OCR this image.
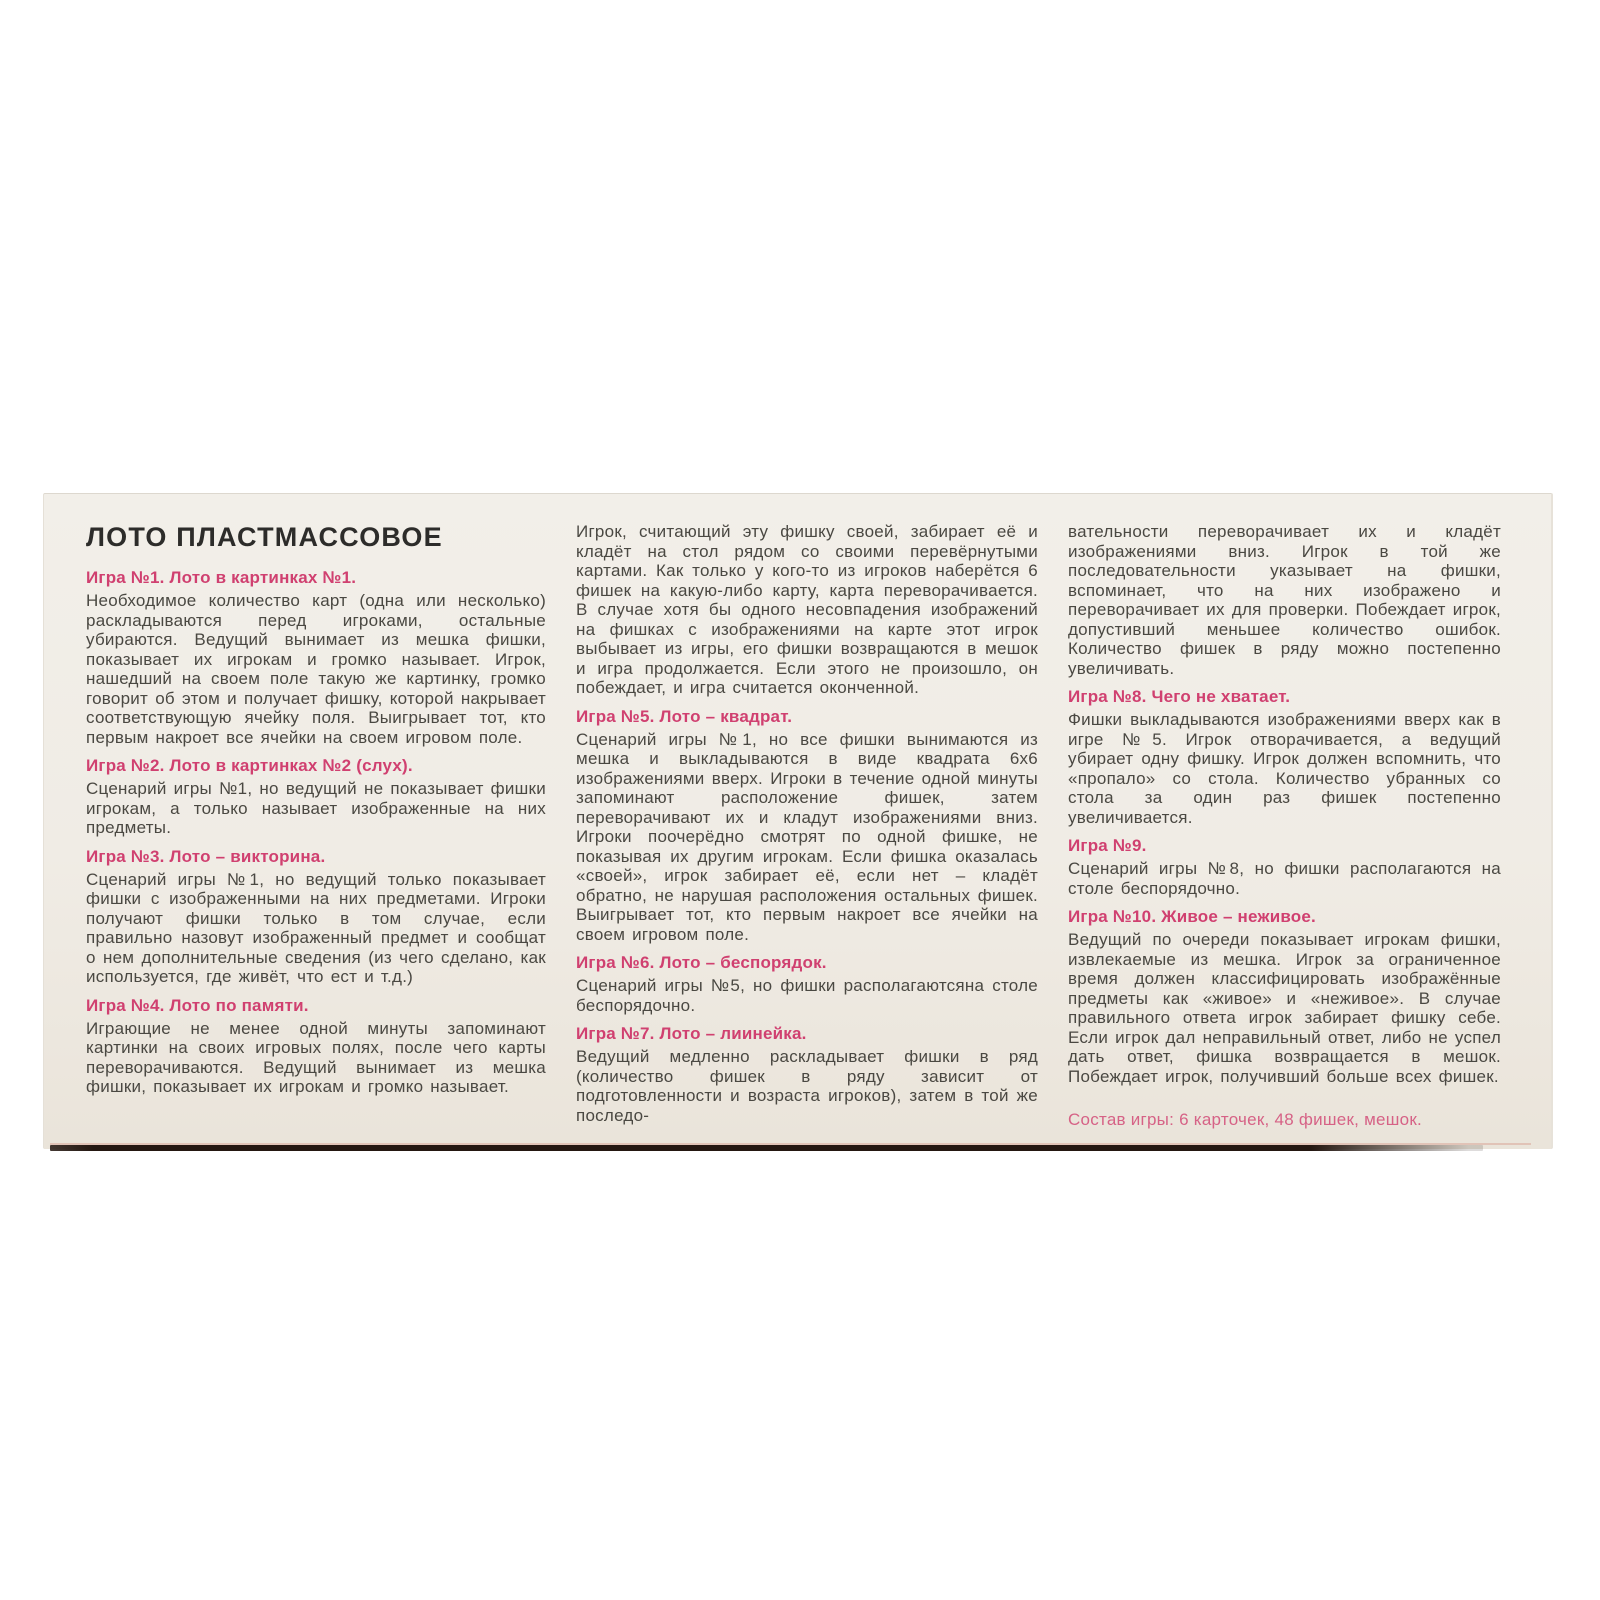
ЛОТО ПЛАСТМАССОВОЕ
Игра №1. Лото в картинках №1.

Необходимое количество карт (одна или несколько) раскладываются перед игроками, остальные убираются. Ведущий вынимает из мешка фишки, показывает их игрокам и громко называет. Игрок, нашедший на своем поле такую же картинку, громко говорит об этом и получает фишку, которой накрывает соответствующую ячейку поля. Выигрывает тот, кто первым накроет все ячейки на своем игровом поле.

Игра №2. Лото в картинках №2 (слух).

Сценарий игры №1, но ведущий не показывает фишки игрокам, а только называет изображенные на них предметы.

Игра №3. Лото – викторина.

Сценарий игры №1, но ведущий только показывает фишки с изображенными на них предметами. Игроки получают фишки только в том случае, если правильно назовут изображенный предмет и сообщат о нем дополнительные сведения (из чего сделано, как используется, где живёт, что ест и т.д.)

Игра №4. Лото по памяти.

Играющие не менее одной минуты запоминают картинки на своих игровых полях, после чего карты переворачиваются. Ведущий вынимает из мешка фишки, показывает их игрокам и громко называет.

Игрок, считающий эту фишку своей, забирает её и кладёт на стол рядом со своими перевёрнутыми картами. Как только у кого-то из игроков наберётся 6 фишек на какую-либо карту, карта переворачивается. В случае хотя бы одного несовпадения изображений на фишках с изображениями на карте этот игрок выбывает из игры, его фишки возвращаются в мешок и игра продолжается. Если этого не произошло, он побеждает, и игра считается оконченной.

Игра №5. Лото – квадрат.

Сценарий игры №1, но все фишки вынимаются из мешка и выкладываются в виде квадрата 6х6 изображениями вверх. Игроки в течение одной минуты запоминают расположение фишек, затем переворачивают их и кладут изображениями вниз. Игроки поочерёдно смотрят по одной фишке, не показывая их другим игрокам. Если фишка оказалась «своей», игрок забирает её, если нет – кладёт обратно, не нарушая расположения остальных фишек. Выигрывает тот, кто первым накроет все ячейки на своем игровом поле.

Игра №6. Лото – беспорядок.

Сценарий игры №5, но фишки располагаютсяна столе беспорядочно.

Игра №7. Лото – лиинейка.

Ведущий медленно раскладывает фишки в ряд (количество фишек в ряду зависит от подготовленности и возраста игроков), затем в той же последо-

вательности переворачивает их и кладёт изображениями вниз. Игрок в той же последовательности указывает на фишки, вспоминает, что на них изображено и переворачивает их для проверки. Побеждает игрок, допустивший меньшее количество ошибок. Количество фишек в ряду можно постепенно увеличивать.

Игра №8. Чего не хватает.

Фишки выкладываются изображениями вверх как в игре №5. Игрок отворачивается, а ведущий убирает одну фишку. Игрок должен вспомнить, что «пропало» со стола. Количество убранных со стола за один раз фишек постепенно увеличивается.

Игра №9.

Сценарий игры №8, но фишки располагаются на столе беспорядочно.

Игра №10. Живое – неживое.

Ведущий по очереди показывает игрокам фишки, извлекаемые из мешка. Игрок за ограниченное время должен классифицировать изображённые предметы как «живое» и «неживое». В случае правильного ответа игрок забирает фишку себе. Если игрок дал неправильный ответ, либо не успел дать ответ, фишка возвращается в мешок. Побеждает игрок, получивший больше всех фишек.

Состав игры: 6 карточек, 48 фишек, мешок.
